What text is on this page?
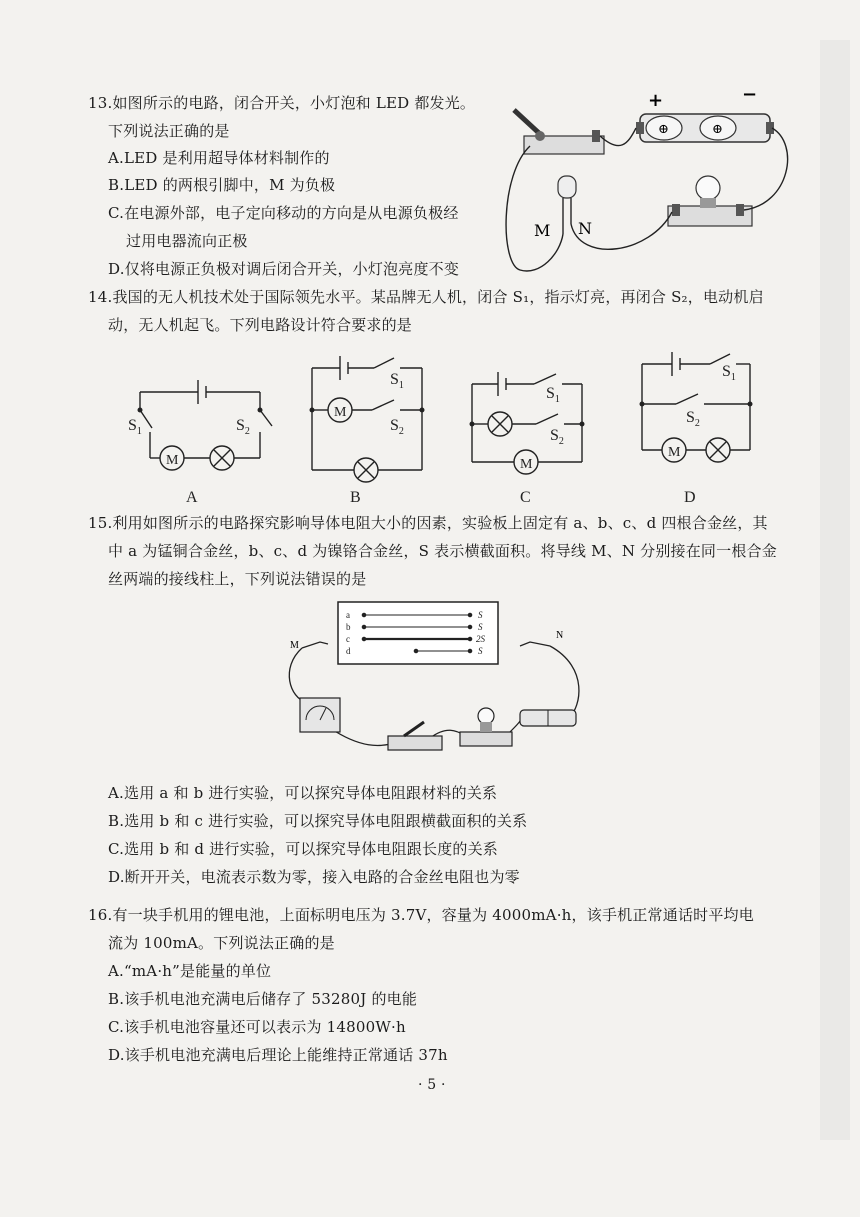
13.如图所示的电路，闭合开关，小灯泡和 LED 都发光。
下列说法正确的是
A.LED 是利用超导体材料制作的
B.LED 的两根引脚中，M 为负极
C.在电源外部，电子定向移动的方向是从电源负极经
过用电器流向正极
D.仅将电源正负极对调后闭合开关，小灯泡亮度不变
⊕	⊕
+	−
M N
14.我国的无人机技术处于国际领先水平。某品牌无人机，闭合 S₁，指示灯亮，再闭合 S₂，电动机启
动，无人机起飞。下列电路设计符合要求的是
M
M
M
M
$S_1$	$S_2$
$S_1$
$S_2$
$S_1$
$S_2$
$S_1$
$S_2$
A	B	C	D
15.利用如图所示的电路探究影响导体电阻大小的因素，实验板上固定有 a、b、c、d 四根合金丝，其
中 a 为锰铜合金丝，b、c、d 为镍铬合金丝，S 表示横截面积。将导线 M、N 分别接在同一根合金
丝两端的接线柱上，下列说法错误的是
a
b
c
d
S
S
2S
S
M
N
A.选用 a 和 b 进行实验，可以探究导体电阻跟材料的关系
B.选用 b 和 c 进行实验，可以探究导体电阻跟横截面积的关系
C.选用 b 和 d 进行实验，可以探究导体电阻跟长度的关系
D.断开开关，电流表示数为零，接入电路的合金丝电阻也为零
16.有一块手机用的锂电池，上面标明电压为 3.7V，容量为 4000mA·h，该手机正常通话时平均电
流为 100mA。下列说法正确的是
A.“mA·h”是能量的单位
B.该手机电池充满电后储存了 53280J 的电能
C.该手机电池容量还可以表示为 14800W·h
D.该手机电池充满电后理论上能维持正常通话 37h
· 5 ·
